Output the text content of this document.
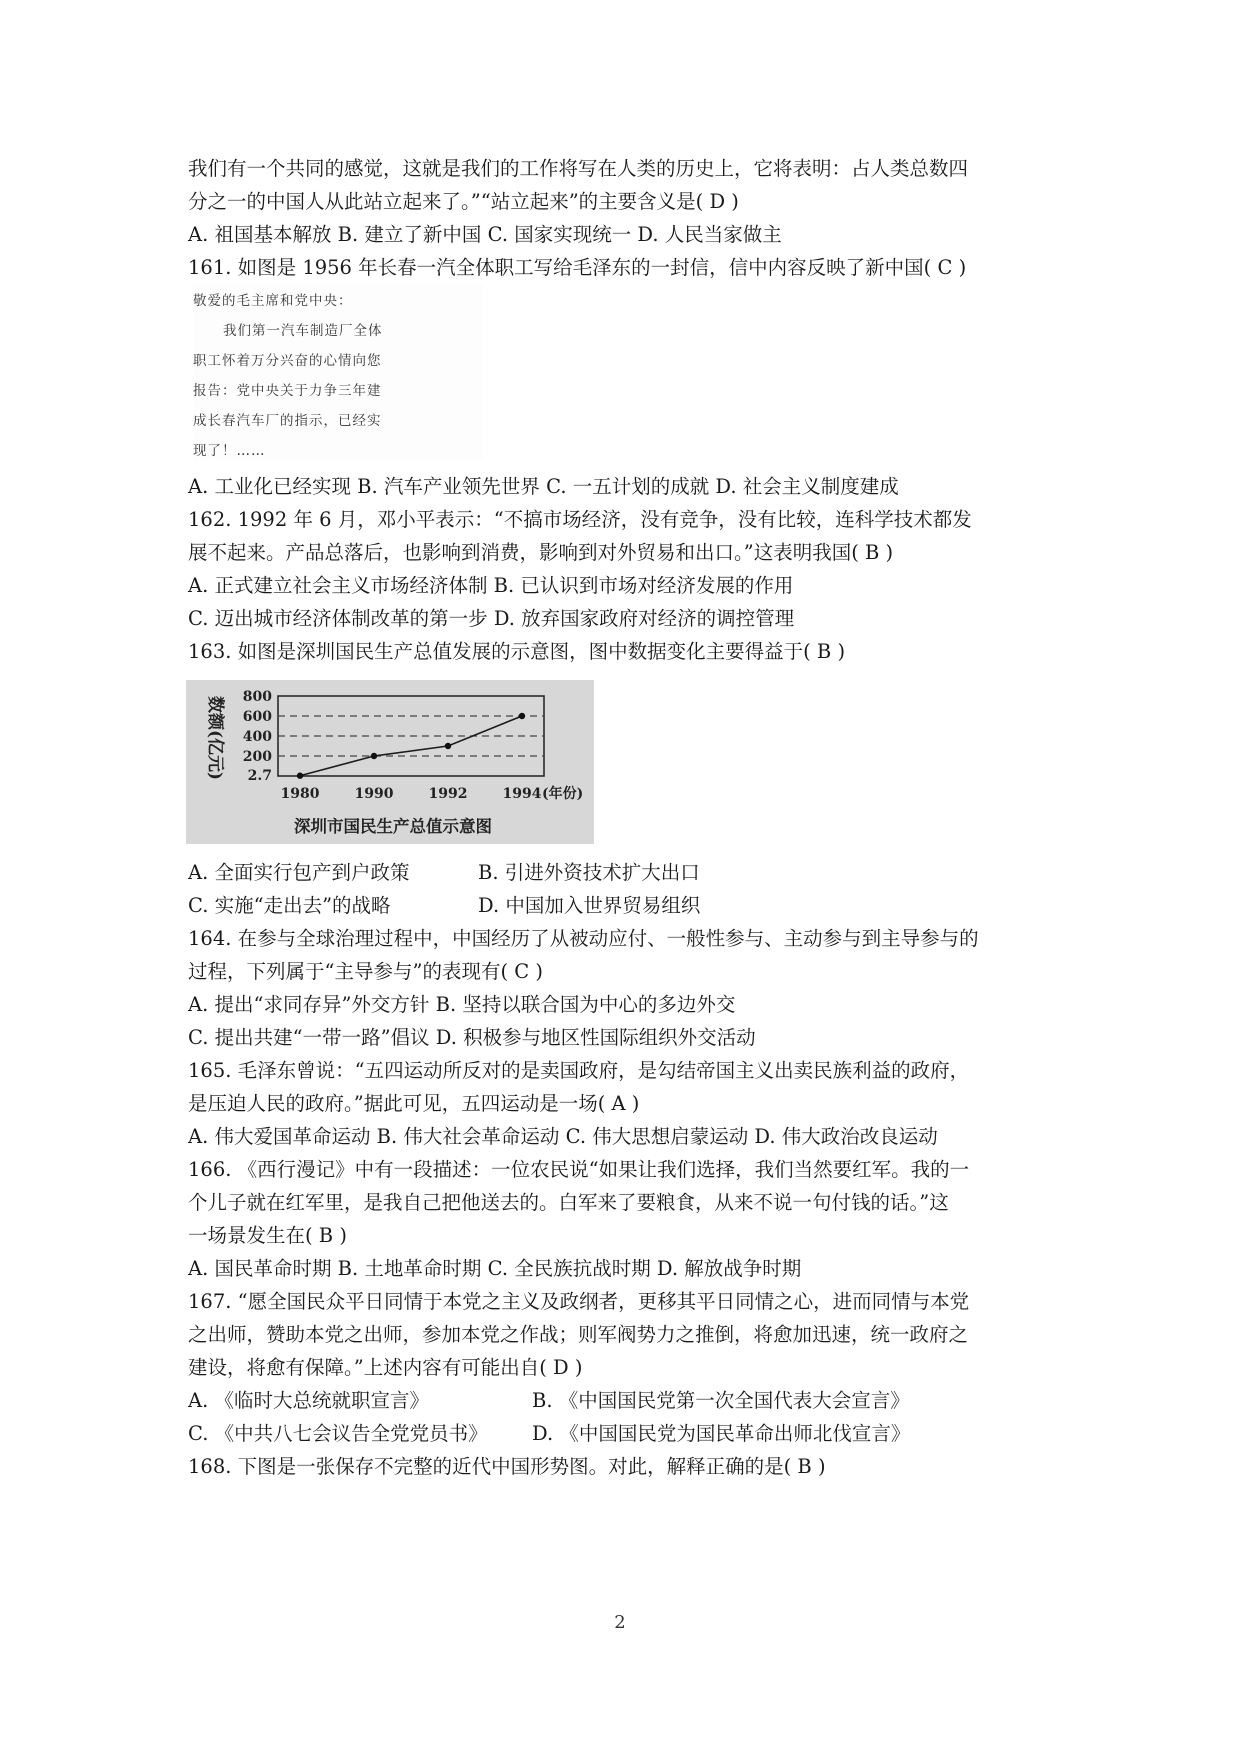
我们有一个共同的感觉，这就是我们的工作将写在人类的历史上，它将表明：占人类总数四
分之一的中国人从此站立起来了。”“站立起来”的主要含义是( D )
A. 祖国基本解放 B. 建立了新中国 C. 国家实现统一 D. 人民当家做主
161. 如图是 1956 年长春一汽全体职工写给毛泽东的一封信，信中内容反映了新中国( C )
敬爱的毛主席和党中央：
我们第一汽车制造厂全体
职工怀着万分兴奋的心情向您
报告：党中央关于力争三年建
成长春汽车厂的指示，已经实
现了！……
A. 工业化已经实现 B. 汽车产业领先世界 C. 一五计划的成就 D. 社会主义制度建成
162. 1992 年 6 月，邓小平表示：“不搞市场经济，没有竞争，没有比较，连科学技术都发
展不起来。产品总落后，也影响到消费，影响到对外贸易和出口。”这表明我国( B )
A. 正式建立社会主义市场经济体制 B. 已认识到市场对经济发展的作用
C. 迈出城市经济体制改革的第一步 D. 放弃国家政府对经济的调控管理
163. 如图是深圳国民生产总值发展的示意图，图中数据变化主要得益于( B )
2.7
200
400
600
800
1980	1990	1992	1994 (年份)
数额(亿元)
深圳市国民生产总值示意图
A. 全面实行包产到户政策	B. 引进外资技术扩大出口
C. 实施“走出去”的战略	D. 中国加入世界贸易组织
164. 在参与全球治理过程中，中国经历了从被动应付、一般性参与、主动参与到主导参与的
过程，下列属于“主导参与”的表现有( C )
A. 提出“求同存异”外交方针 B. 坚持以联合国为中心的多边外交
C. 提出共建“一带一路”倡议 D. 积极参与地区性国际组织外交活动
165. 毛泽东曾说：“五四运动所反对的是卖国政府，是勾结帝国主义出卖民族利益的政府，
是压迫人民的政府。”据此可见，五四运动是一场( A )
A. 伟大爱国革命运动 B. 伟大社会革命运动 C. 伟大思想启蒙运动 D. 伟大政治改良运动
166. 《西行漫记》中有一段描述：一位农民说“如果让我们选择，我们当然要红军。我的一
个儿子就在红军里，是我自己把他送去的。白军来了要粮食，从来不说一句付钱的话。”这
一场景发生在( B )
A. 国民革命时期 B. 土地革命时期 C. 全民族抗战时期 D. 解放战争时期
167. “愿全国民众平日同情于本党之主义及政纲者，更移其平日同情之心，进而同情与本党
之出师，赞助本党之出师，参加本党之作战；则军阀势力之推倒，将愈加迅速，统一政府之
建设，将愈有保障。”上述内容有可能出自( D )
A. 《临时大总统就职宣言》	B. 《中国国民党第一次全国代表大会宣言》
C. 《中共八七会议告全党党员书》 D. 《中国国民党为国民革命出师北伐宣言》
168. 下图是一张保存不完整的近代中国形势图。对此，解释正确的是( B )
2
